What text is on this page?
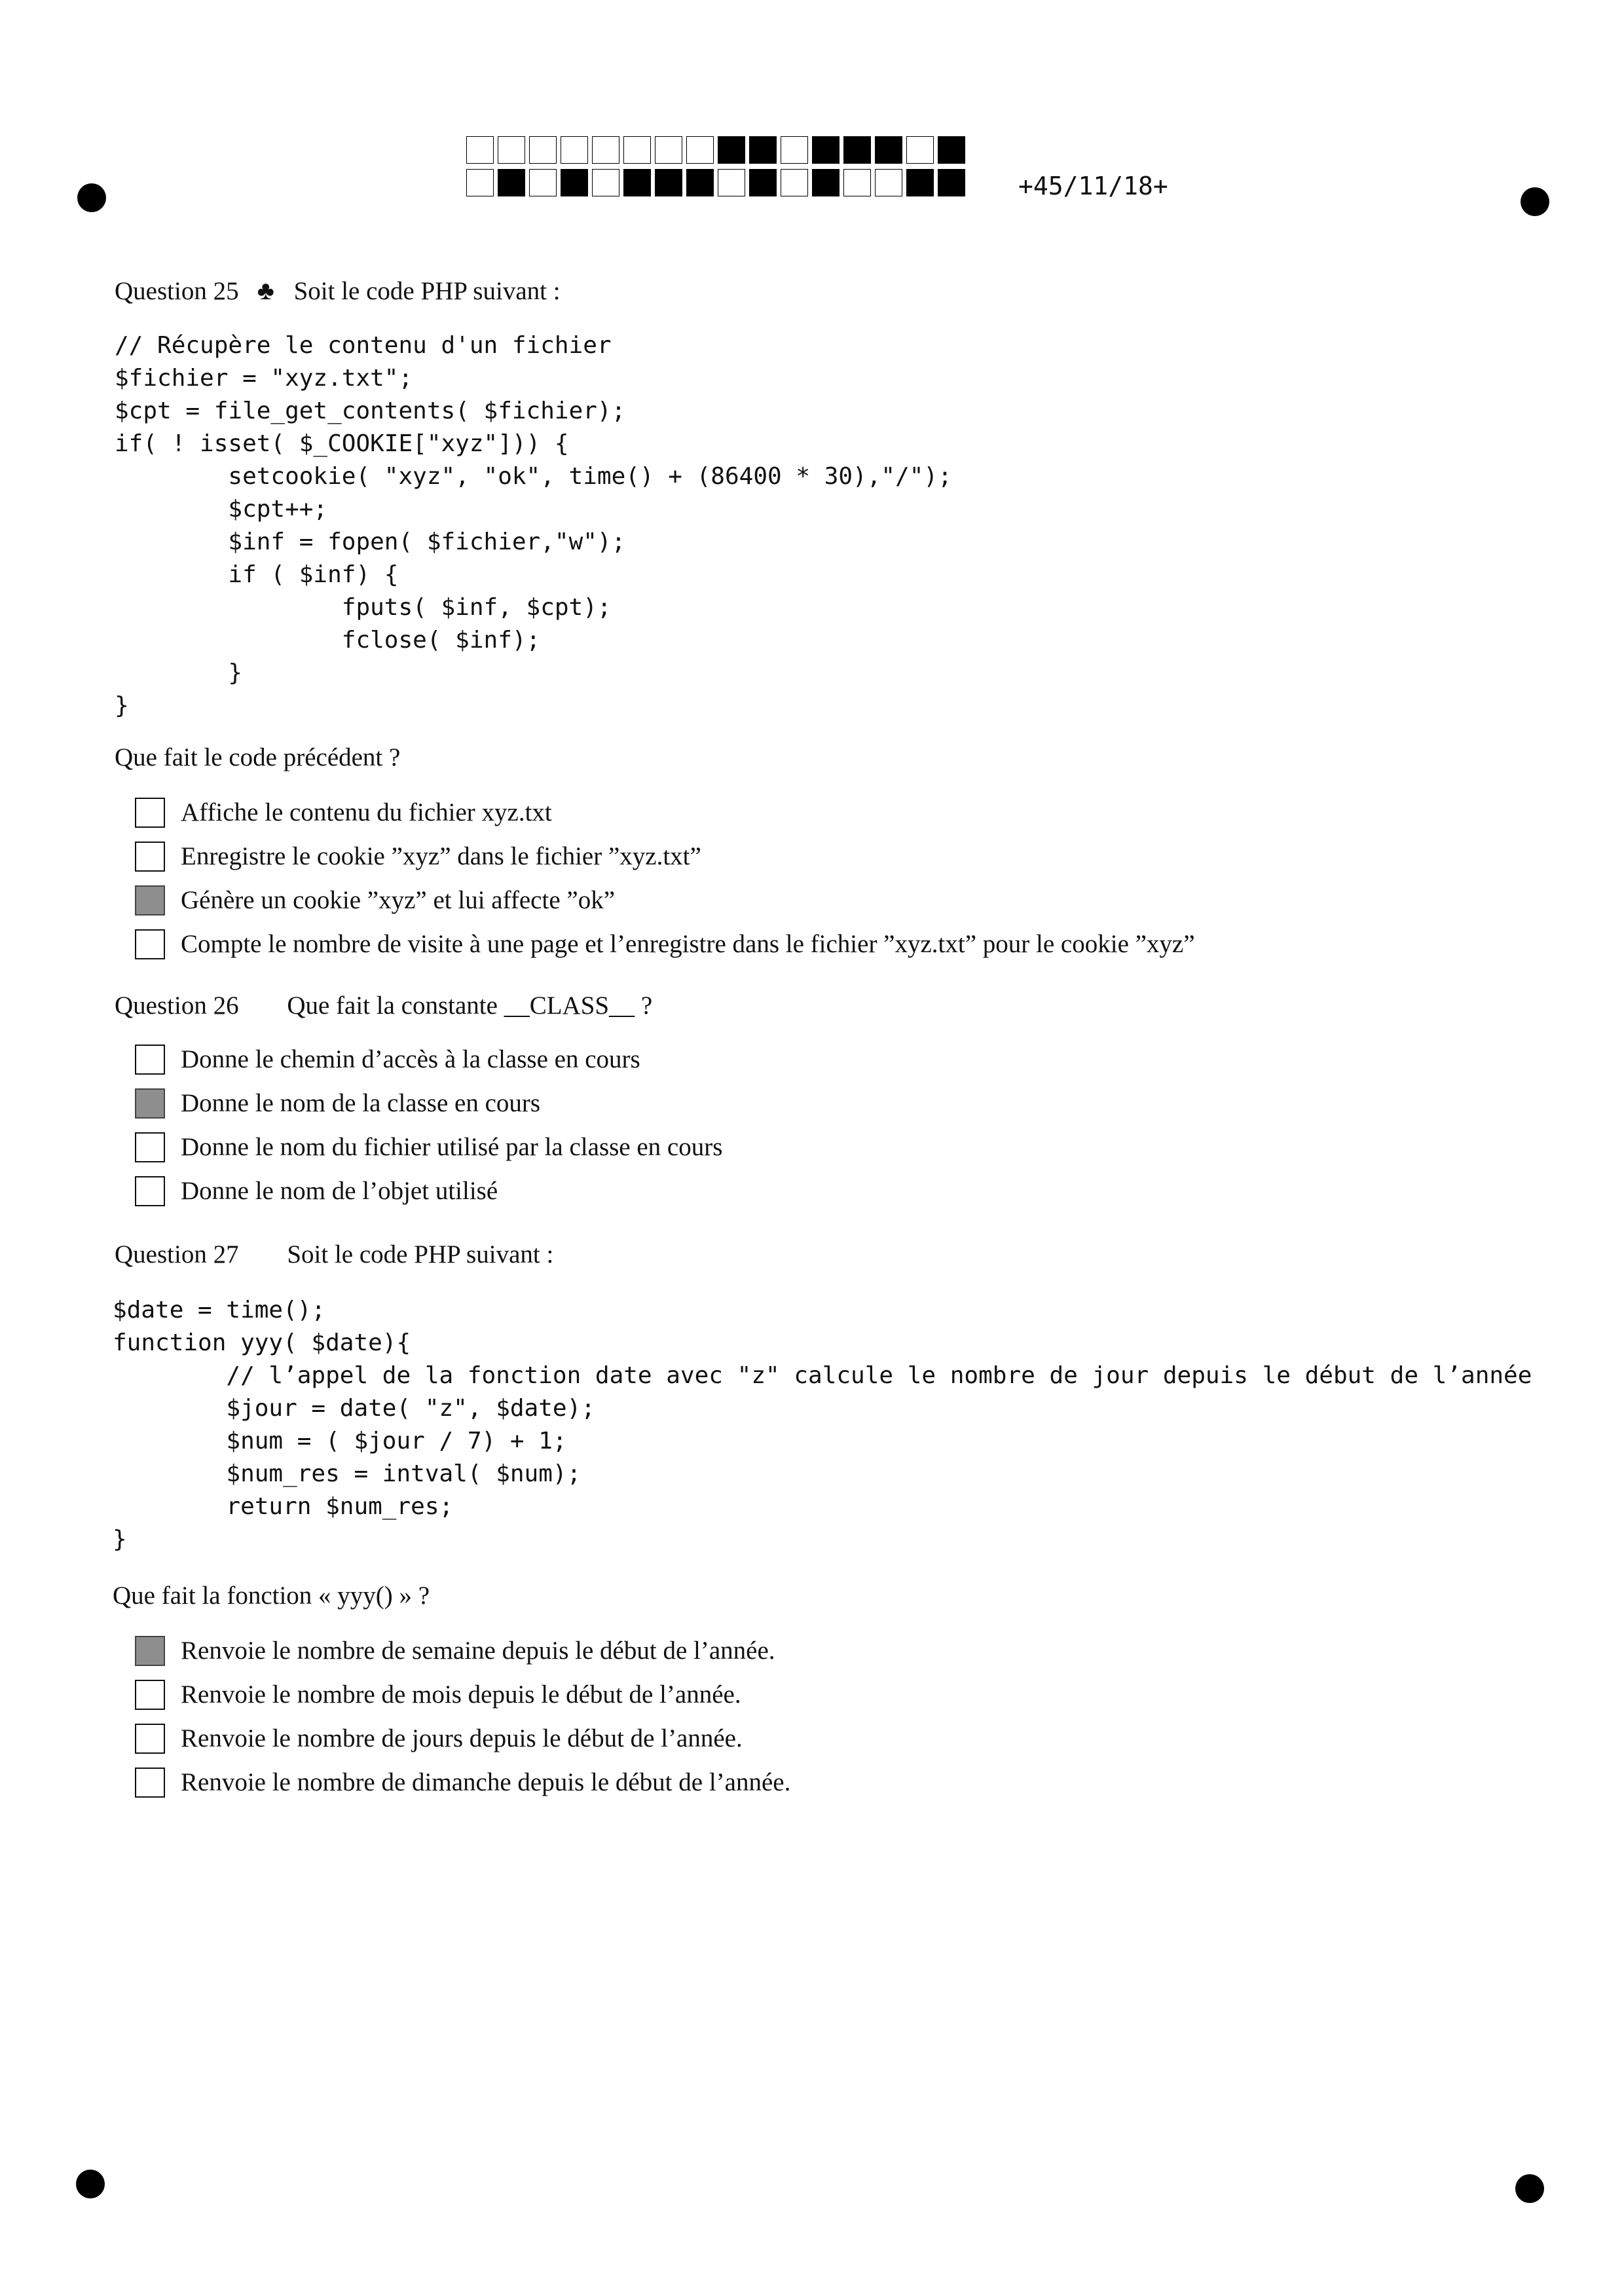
+45/11/18+
Question 25 ♣ Soit le code PHP suivant :
// Récupère le contenu d'un fichier
$fichier = "xyz.txt";
$cpt = file_get_contents( $fichier);
if( ! isset( $_COOKIE["xyz"])) {
setcookie( "xyz", "ok", time() + (86400 * 30),"/");
$cpt++;
$inf = fopen( $fichier,"w");
if ( $inf) {
fputs( $inf, $cpt);
fclose( $inf);
}
}
Que fait le code précédent ?
Affiche le contenu du fichier xyz.txt
Enregistre le cookie ”xyz” dans le fichier ”xyz.txt”
Génère un cookie ”xyz” et lui affecte ”ok”
Compte le nombre de visite à une page et l’enregistre dans le fichier ”xyz.txt” pour le cookie ”xyz”
Question 26 Que fait la constante __CLASS__ ?
Donne le chemin d’accès à la classe en cours
Donne le nom de la classe en cours
Donne le nom du fichier utilisé par la classe en cours
Donne le nom de l’objet utilisé
Question 27 Soit le code PHP suivant :
$date = time();
function yyy( $date){
// l’appel de la fonction date avec "z" calcule le nombre de jour depuis le début de l’année
$jour = date( "z", $date);
$num = ( $jour / 7) + 1;
$num_res = intval( $num);
return $num_res;
}
Que fait la fonction « yyy() » ?
Renvoie le nombre de semaine depuis le début de l’année.
Renvoie le nombre de mois depuis le début de l’année.
Renvoie le nombre de jours depuis le début de l’année.
Renvoie le nombre de dimanche depuis le début de l’année.
